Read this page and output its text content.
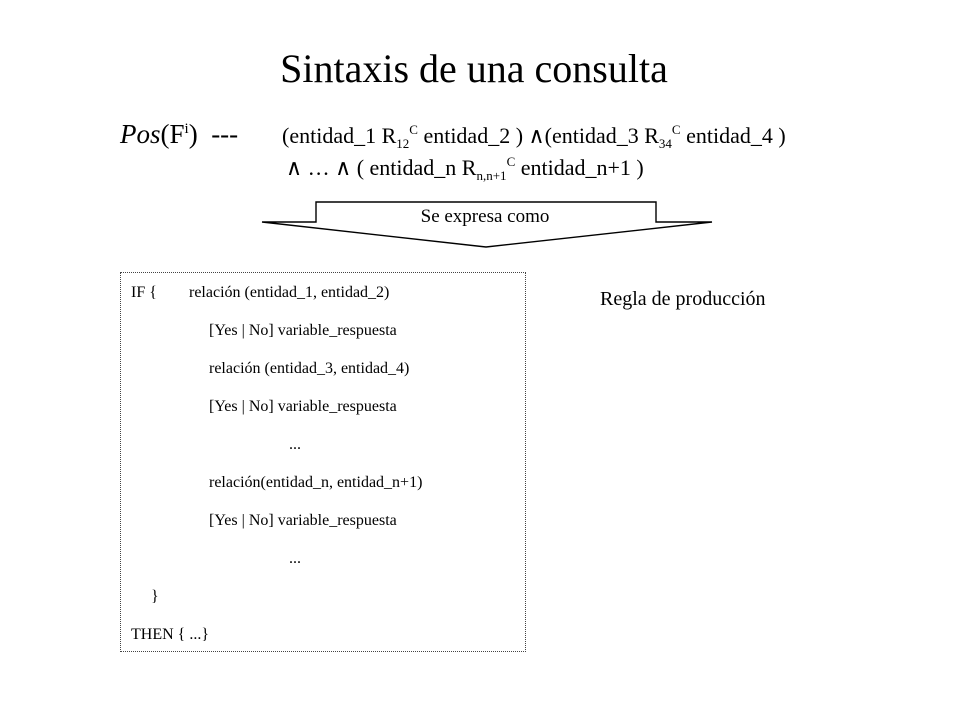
Sintaxis de una consulta
$Pos(F^i)$ --- (entidad_1 $R_{12}^C$ entidad_2 ) ∧(entidad_3 $R_{34}^C$ entidad_4 )
∧ … ∧ ( entidad_n $R_{n,n+1}^C$ entidad_n+1 )
Se expresa como
IF { relación (entidad_1, entidad_2)
[Yes | No] variable_respuesta
relación (entidad_3, entidad_4)
[Yes | No] variable_respuesta
...
relación(entidad_n, entidad_n+1)
[Yes | No] variable_respuesta
...
}
THEN { ...}
Regla de producción
